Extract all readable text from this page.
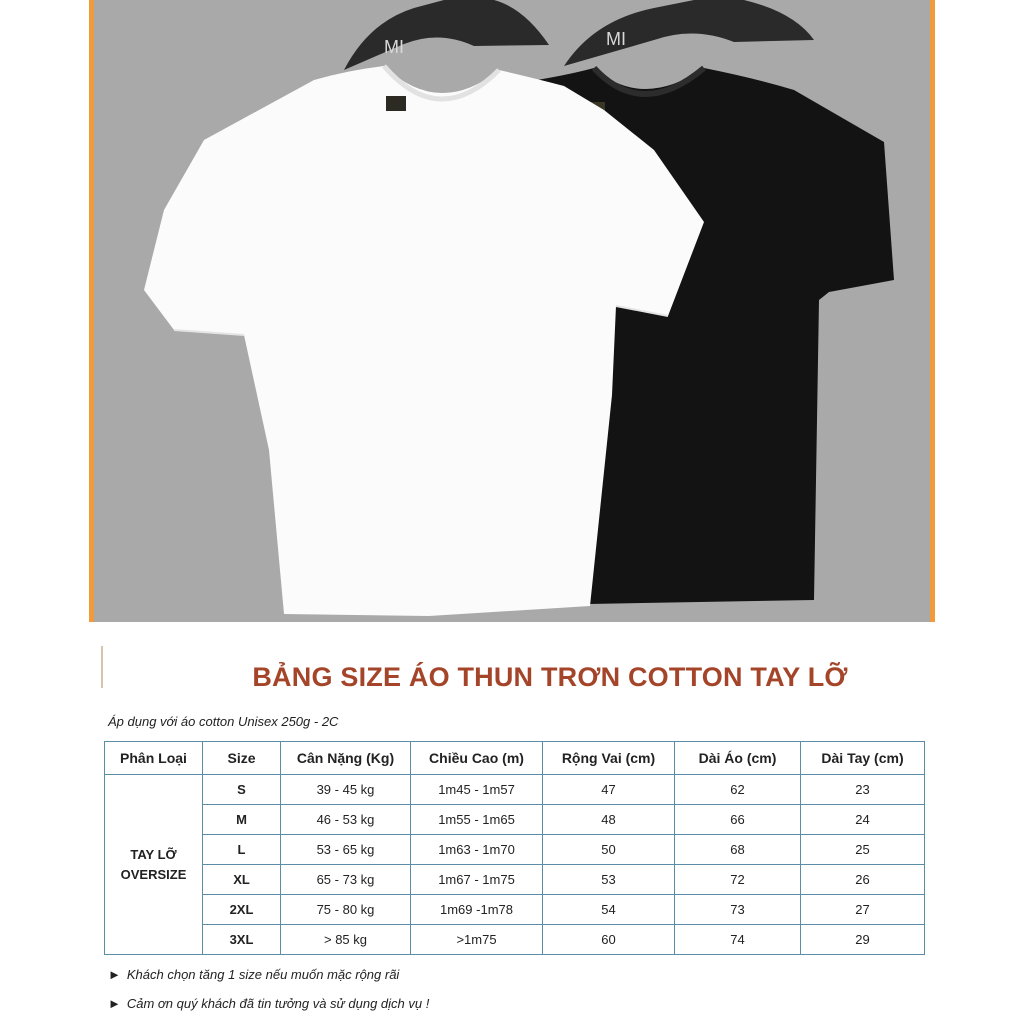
MI
MI
BẢNG SIZE ÁO THUN TRƠN COTTON TAY LỠ
Áp dụng với áo cotton Unisex 250g - 2C
Phân Loại	Size	Cân Nặng (Kg)	Chiều Cao (m)	Rộng Vai (cm)	Dài Áo (cm)	Dài Tay (cm)

TAY LỠ
OVERSIZE	S	39 - 45 kg	1m45 - 1m57	47	62	23
	M	46 - 53 kg	1m55 - 1m65	48	66	24
	L	53 - 65 kg	1m63 - 1m70	50	68	25
	XL	65 - 73 kg	1m67 - 1m75	53	72	26
	2XL	75 - 80 kg	1m69 -1m78	54	73	27
	3XL	> 85 kg	>1m75	60	74	29
► Khách chọn tăng 1 size nếu muốn mặc rộng rãi
► Cảm ơn quý khách đã tin tưởng và sử dụng dịch vụ !
